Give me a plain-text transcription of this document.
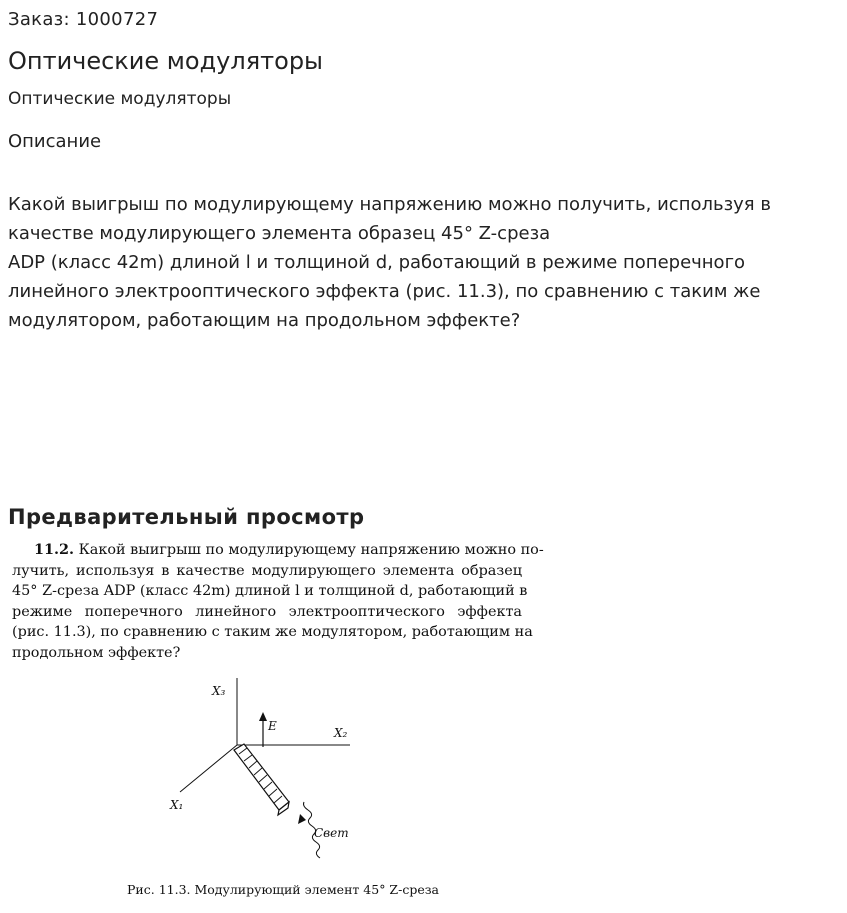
Заказ: 1000727
Оптические модуляторы
Оптические модуляторы
Описание
Какой выигрыш по модулирующему напряжению можно получить, используя в
качестве модулирующего элемента образец 45° Z-среза
ADP (класс 42m) длиной l и толщиной d, работающий в режиме поперечного
линейного электрооптического эффекта (рис. 11.3), по сравнению с таким же
модулятором, работающим на продольном эффекте?
Предварительный просмотр
11.2. Какой выигрыш по модулирующему напряжению можно по-
лучить, используя в качестве модулирующего элемента образец
45° Z-среза ADP (класс 42m) длиной l и толщиной d, работающий в
режиме поперечного линейного электрооптического эффекта
(рис. 11.3), по сравнению с таким же модулятором, работающим на
продольном эффекте?
X₃
X₂
X₁
E
Свет
Рис. 11.3. Модулирующий элемент 45° Z-среза
